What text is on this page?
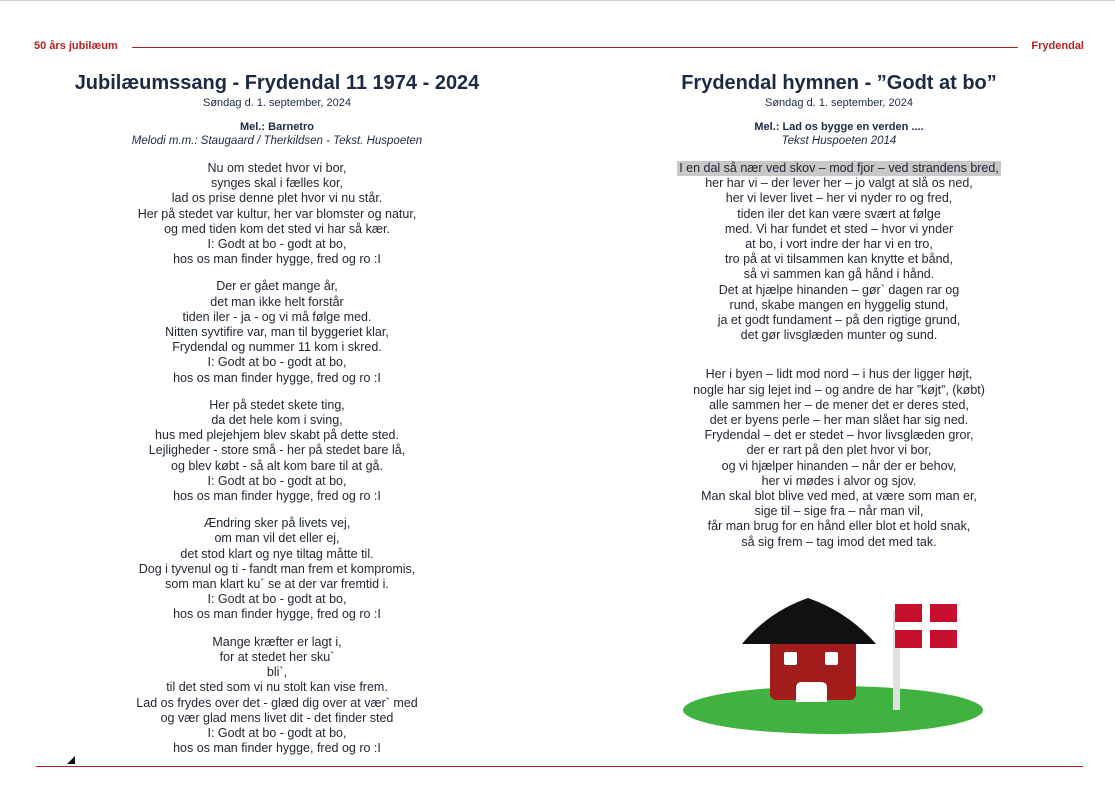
50 års jubilæum	Frydendal
Jubilæumssang - Frydendal 11 1974 - 2024
Søndag d. 1. september, 2024
Mel.: Barnetro
Melodi m.m.: Staugaard / Therkildsen - Tekst. Huspoeten
Nu om stedet hvor vi bor,
synges skal i fælles kor,
lad os prise denne plet hvor vi nu står.
Her på stedet var kultur, her var blomster og natur,
og med tiden kom det sted vi har så kær.
I: Godt at bo - godt at bo,
hos os man finder hygge, fred og ro :I
Der er gået mange år,
det man ikke helt forstår
tiden iler - ja - og vi må følge med.
Nitten syvtifire var, man til byggeriet klar,
Frydendal og nummer 11 kom i skred.
I: Godt at bo - godt at bo,
hos os man finder hygge, fred og ro :I
Her på stedet skete ting,
da det hele kom i sving,
hus med plejehjem blev skabt på dette sted.
Lejligheder - store små - her på stedet bare lå,
og blev købt - så alt kom bare til at gå.
I: Godt at bo - godt at bo,
hos os man finder hygge, fred og ro :I
Ændring sker på livets vej,
om man vil det eller ej,
det stod klart og nye tiltag måtte til.
Dog i tyvenul og ti - fandt man frem et kompromis,
som man klart ku´ se at der var fremtid i.
I: Godt at bo - godt at bo,
hos os man finder hygge, fred og ro :I
Mange kræfter er lagt i,
for at stedet her sku`
bli`,
til det sted som vi nu stolt kan vise frem.
Lad os frydes over det - glæd dig over at vær` med
og vær glad mens livet dit - det finder sted
I: Godt at bo - godt at bo,
hos os man finder hygge, fred og ro :I
Frydendal hymnen - ”Godt at bo”
Søndag d. 1. september, 2024
Mel.: Lad os bygge en verden ....
Tekst Huspoeten 2014
I en dal så nær ved skov – mod fjor – ved strandens bred,
her har vi – der lever her – jo valgt at slå os ned,
her vi lever livet – her vi nyder ro og fred,
tiden iler det kan være svært at følge
med. Vi har fundet et sted – hvor vi ynder
at bo, i vort indre der har vi en tro,
tro på at vi tilsammen kan knytte et bånd,
så vi sammen kan gå hånd i hånd.
Det at hjælpe hinanden – gør` dagen rar og
rund, skabe mangen en hyggelig stund,
ja et godt fundament – på den rigtige grund,
det gør livsglæden munter og sund.
Her i byen – lidt mod nord – i hus der ligger højt,
nogle har sig lejet ind – og andre de har ”køjt”, (købt)
alle sammen her – de mener det er deres sted,
det er byens perle – her man slået har sig ned.
Frydendal – det er stedet – hvor livsglæden gror,
der er rart på den plet hvor vi bor,
og vi hjælper hinanden – når der er behov,
her vi mødes i alvor og sjov.
Man skal blot blive ved med, at være som man er,
sige til – sige fra – når man vil,
får man brug for en hånd eller blot et hold snak,
så sig frem – tag imod det med tak.
